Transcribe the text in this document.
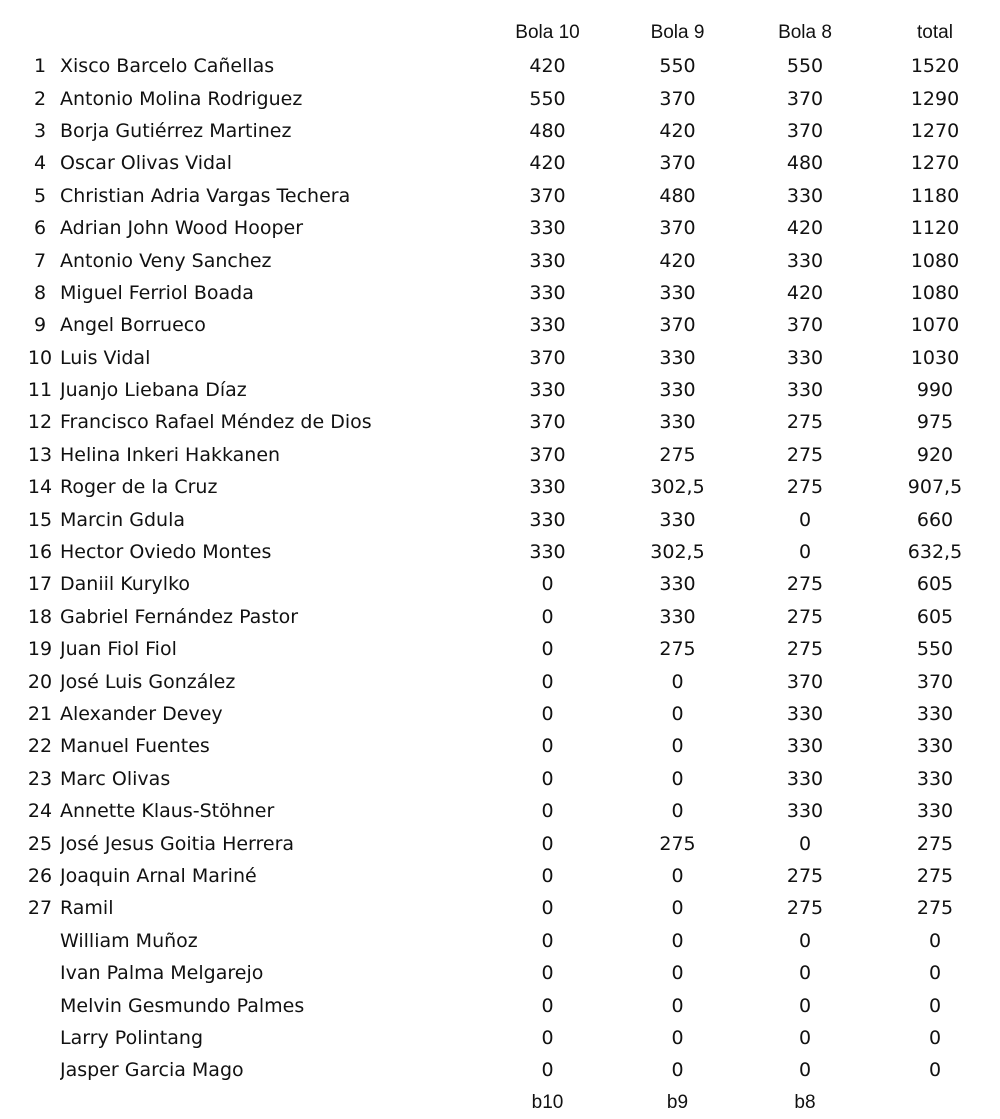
		Bola 10	Bola 9	Bola 8	total
1	Xisco Barcelo Cañellas	420	550	550	1520
2	Antonio Molina Rodriguez	550	370	370	1290
3	Borja Gutiérrez Martinez	480	420	370	1270
4	Oscar Olivas Vidal	420	370	480	1270
5	Christian Adria Vargas Techera	370	480	330	1180
6	Adrian John Wood Hooper	330	370	420	1120
7	Antonio Veny Sanchez	330	420	330	1080
8	Miguel Ferriol Boada	330	330	420	1080
9	Angel Borrueco	330	370	370	1070
10	Luis Vidal	370	330	330	1030
11	Juanjo Liebana Díaz	330	330	330	990
12	Francisco Rafael Méndez de Dios	370	330	275	975
13	Helina Inkeri Hakkanen	370	275	275	920
14	Roger de la Cruz	330	302,5	275	907,5
15	Marcin Gdula	330	330	0	660
16	Hector Oviedo Montes	330	302,5	0	632,5
17	Daniil Kurylko	0	330	275	605
18	Gabriel Fernández Pastor	0	330	275	605
19	Juan Fiol Fiol	0	275	275	550
20	José Luis González	0	0	370	370
21	Alexander Devey	0	0	330	330
22	Manuel Fuentes	0	0	330	330
23	Marc Olivas	0	0	330	330
24	Annette Klaus-Stöhner	0	0	330	330
25	José Jesus Goitia Herrera	0	275	0	275
26	Joaquin Arnal Mariné	0	0	275	275
27	Ramil	0	0	275	275
	William Muñoz	0	0	0	0
	Ivan Palma Melgarejo	0	0	0	0
	Melvin Gesmundo Palmes	0	0	0	0
	Larry Polintang	0	0	0	0
	Jasper Garcia Mago	0	0	0	0
		b10	b9	b8	
